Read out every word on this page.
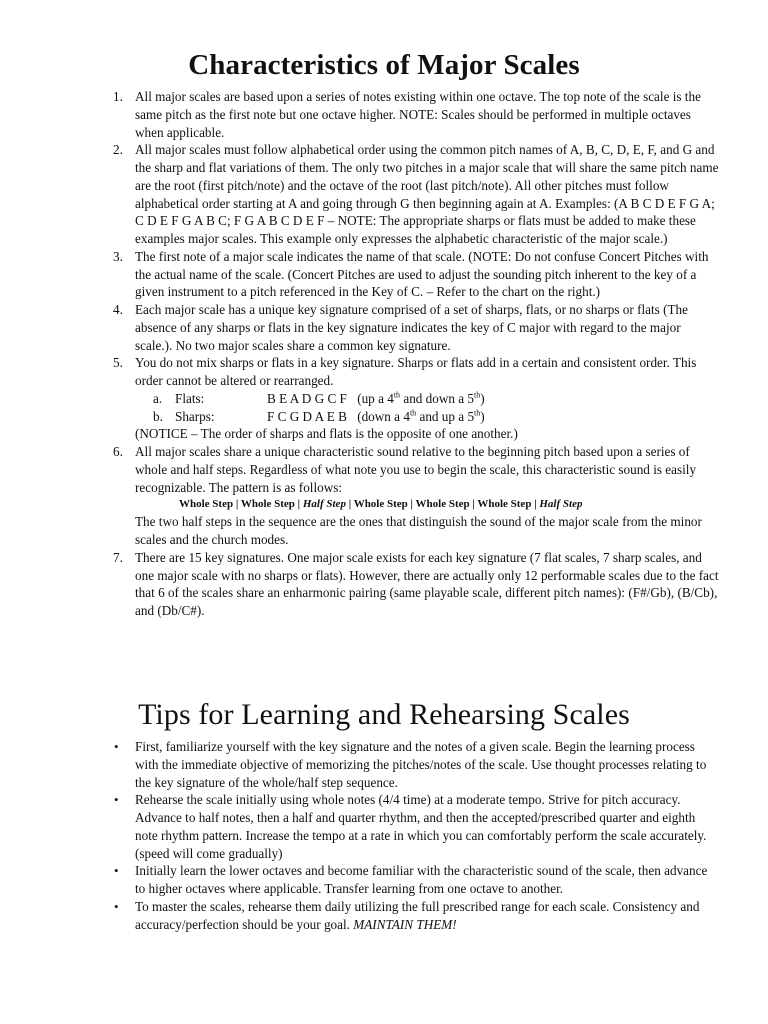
Characteristics of Major Scales
All major scales are based upon a series of notes existing within one octave. The top note of the scale is the same pitch as the first note but one octave higher. NOTE: Scales should be performed in multiple octaves when applicable.
All major scales must follow alphabetical order using the common pitch names of A, B, C, D, E, F, and G and the sharp and flat variations of them. The only two pitches in a major scale that will share the same pitch name are the root (first pitch/note) and the octave of the root (last pitch/note). All other pitches must follow alphabetical order starting at A and going through G then beginning again at A. Examples: (A B C D E F G A; C D E F G A B C; F G A B C D E F – NOTE: The appropriate sharps or flats must be added to make these examples major scales. This example only expresses the alphabetic characteristic of the major scale.)
The first note of a major scale indicates the name of that scale. (NOTE: Do not confuse Concert Pitches with the actual name of the scale. (Concert Pitches are used to adjust the sounding pitch inherent to the key of a given instrument to a pitch referenced in the Key of C. – Refer to the chart on the right.)
Each major scale has a unique key signature comprised of a set of sharps, flats, or no sharps or flats (The absence of any sharps or flats in the key signature indicates the key of C major with regard to the major scale.). No two major scales share a common key signature.
You do not mix sharps or flats in a key signature. Sharps or flats add in a certain and consistent order. This order cannot be altered or rearranged.
a. Flats:	B E A D G C F (up a 4th and down a 5th)
b. Sharps:	F C G D A E B (down a 4th and up a 5th)
(NOTICE – The order of sharps and flats is the opposite of one another.)
All major scales share a unique characteristic sound relative to the beginning pitch based upon a series of whole and half steps. Regardless of what note you use to begin the scale, this characteristic sound is easily recognizable. The pattern is as follows:
Whole Step | Whole Step | Half Step | Whole Step | Whole Step | Whole Step | Half Step
The two half steps in the sequence are the ones that distinguish the sound of the major scale from the minor scales and the church modes.
There are 15 key signatures. One major scale exists for each key signature (7 flat scales, 7 sharp scales, and one major scale with no sharps or flats). However, there are actually only 12 performable scales due to the fact that 6 of the scales share an enharmonic pairing (same playable scale, different pitch names): (F#/Gb), (B/Cb), and (Db/C#).
Tips for Learning and Rehearsing Scales
• First, familiarize yourself with the key signature and the notes of a given scale. Begin the learning process with the immediate objective of memorizing the pitches/notes of the scale. Use thought processes relating to the key signature of the whole/half step sequence.
• Rehearse the scale initially using whole notes (4/4 time) at a moderate tempo. Strive for pitch accuracy. Advance to half notes, then a half and quarter rhythm, and then the accepted/prescribed quarter and eighth note rhythm pattern. Increase the tempo at a rate in which you can comfortably perform the scale accurately. (speed will come gradually)
• Initially learn the lower octaves and become familiar with the characteristic sound of the scale, then advance to higher octaves where applicable. Transfer learning from one octave to another.
• To master the scales, rehearse them daily utilizing the full prescribed range for each scale. Consistency and accuracy/perfection should be your goal. MAINTAIN THEM!
